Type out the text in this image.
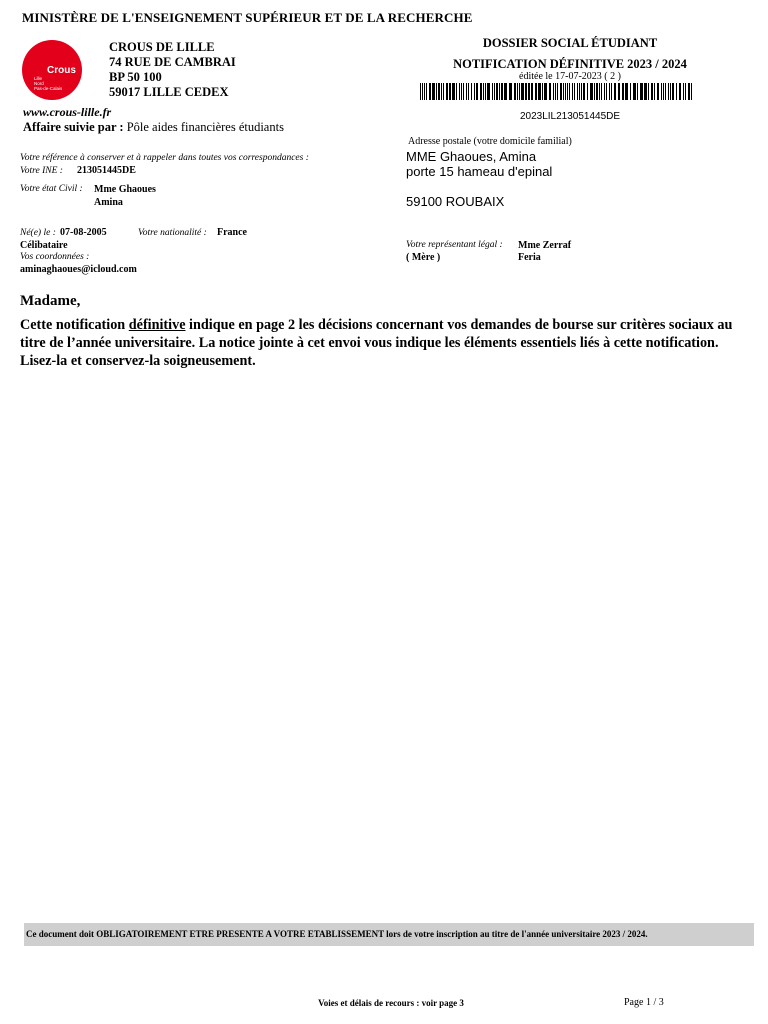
MINISTÈRE DE L'ENSEIGNEMENT SUPÉRIEUR ET DE LA RECHERCHE
Crous
Lille
Nord
Pas-de-Calais
CROUS DE LILLE
74 RUE DE CAMBRAI
BP 50 100
59017 LILLE CEDEX
www.crous-lille.fr
Affaire suivie par : Pôle aides financières étudiants
DOSSIER SOCIAL ÉTUDIANT
NOTIFICATION DÉFINITIVE 2023 / 2024
éditée le 17-07-2023 ( 2 )
2023LIL213051445DE
Adresse postale (votre domicile familial)
MME Ghaoues, Amina
porte 15 hameau d'epinal
59100 ROUBAIX
Votre référence à conserver et à rappeler dans toutes vos correspondances :
Votre INE : 213051445DE
Votre état Civil : Mme Ghaoues
Amina
Né(e) le : 07-08-2005	Votre nationalité : France
Célibataire
Vos coordonnées :
aminaghaoues@icloud.com
Votre représentant légal : Mme Zerraf
( Mère )	Feria
Madame,
Cette notification définitive indique en page 2 les décisions concernant vos demandes de bourse sur critères sociaux au titre de l’année universitaire. La notice jointe à cet envoi vous indique les éléments essentiels liés à cette notification. Lisez-la et conservez-la soigneusement.
Ce document doit OBLIGATOIREMENT ETRE PRESENTE A VOTRE ETABLISSEMENT lors de votre inscription au titre de l'année universitaire 2023 / 2024.
Voies et délais de recours : voir page 3	Page 1 / 3
